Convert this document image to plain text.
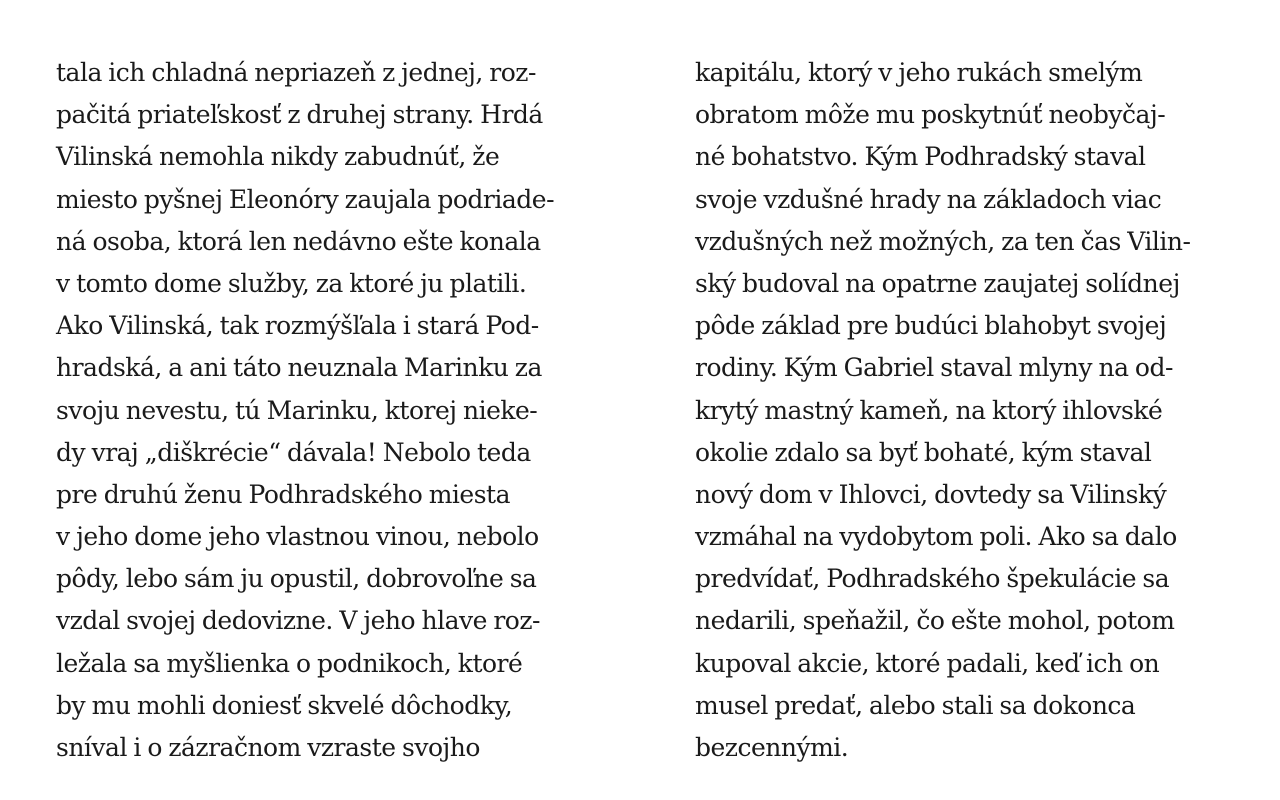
tala ich chladná nepriazeň z jednej, roz-
pačitá priateľskosť z druhej strany. Hrdá
Vilinská nemohla nikdy zabudnúť, že
miesto pyšnej Eleonóry zaujala podriade-
ná osoba, ktorá len nedávno ešte konala
v tomto dome služby, za ktoré ju platili.
Ako Vilinská, tak rozmýšľala i stará Pod-
hradská, a ani táto neuznala Marinku za
svoju nevestu, tú Marinku, ktorej nieke-
dy vraj „diškrécie“ dávala! Nebolo teda
pre druhú ženu Podhradského miesta
v jeho dome jeho vlastnou vinou, nebolo
pôdy, lebo sám ju opustil, dobrovoľne sa
vzdal svojej dedovizne. V jeho hlave roz-
ležala sa myšlienka o podnikoch, ktoré
by mu mohli doniesť skvelé dôchodky,
sníval i o zázračnom vzraste svojho
kapitálu, ktorý v jeho rukách smelým
obratom môže mu poskytnúť neobyčaj-
né bohatstvo. Kým Podhradský staval
svoje vzdušné hrady na základoch viac
vzdušných než možných, za ten čas Vilin-
ský budoval na opatrne zaujatej solídnej
pôde základ pre budúci blahobyt svojej
rodiny. Kým Gabriel staval mlyny na od-
krytý mastný kameň, na ktorý ihlovské
okolie zdalo sa byť bohaté, kým staval
nový dom v Ihlovci, dovtedy sa Vilinský
vzmáhal na vydobytom poli. Ako sa dalo
predvídať, Podhradského špekulácie sa
nedarili, speňažil, čo ešte mohol, potom
kupoval akcie, ktoré padali, keď ich on
musel predať, alebo stali sa dokonca
bezcennými.
